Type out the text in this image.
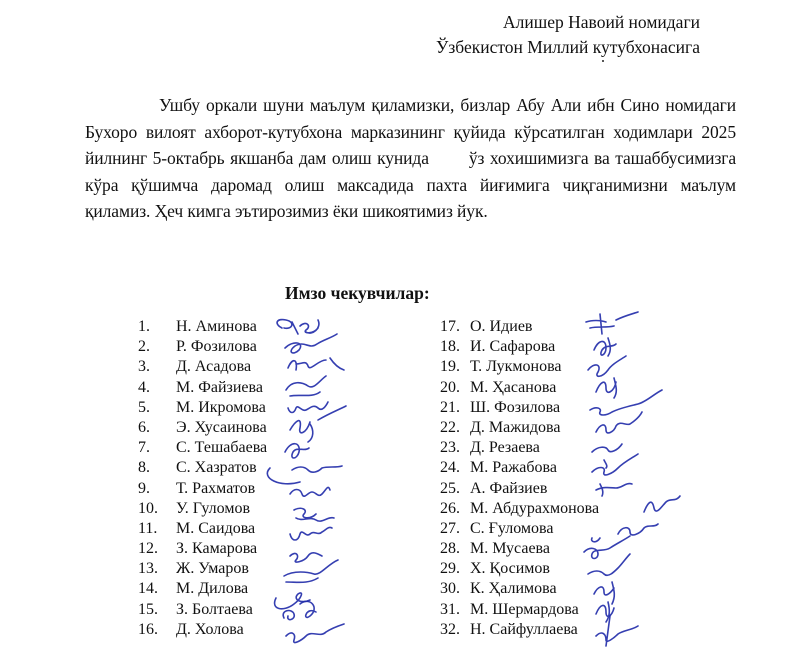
Алишер Навоий номидаги
Ўзбекистон Миллий кутубхонасига
Ушбу оркали шуни маълум қиламизки, бизлар Абу Али ибн Сино номидаги Бухоро вилоят ахборот-кутубхона марказининг қуйида кўрсатилган ходимлари 2025 йилнинг 5-октабрь якшанба дам олиш кунида ўз хохишимизга ва ташаббусимизга кўра қўшимча даромад олиш максадида пахта йиғимига чиқганимизни маълум қиламиз. Ҳеч кимга эътирозимиз ёки шикоятимиз йук.
Имзо чекувчилар:
1. Н. Аминова
2. Р. Фозилова
3. Д. Асадова
4. М. Файзиева
5. М. Икромова
6. Э. Хусаинова
7. С. Тешабаева
8. С. Хазратов
9. Т. Рахматов
10. У. Гуломов
11. М. Саидова
12. З. Камарова
13. Ж. Умаров
14. М. Дилова
15. З. Болтаева
16. Д. Холова
17. О. Идиев
18. И. Сафарова
19. Т. Лукмонова
20. М. Ҳасанова
21. Ш. Фозилова
22. Д. Мажидова
23. Д. Резаева
24. М. Ражабова
25. А. Файзиев
26. М. Абдурахмонова
27. С. Ғуломова
28. М. Мусаева
29. Х. Қосимов
30. К. Ҳалимова
31. М. Шермардова
32. Н. Сайфуллаева
